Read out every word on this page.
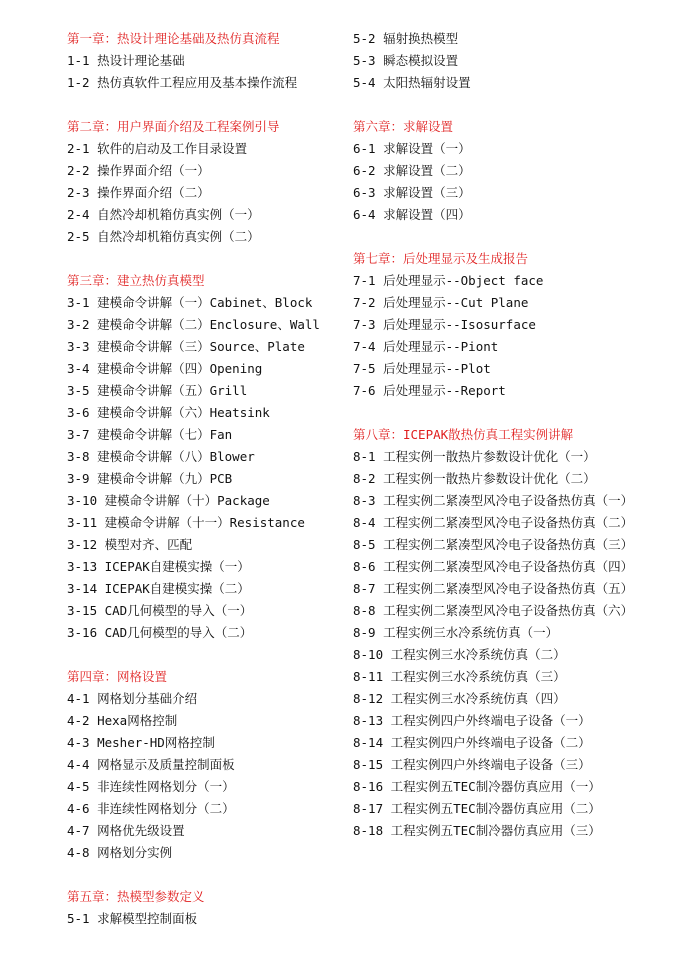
第一章：热设计理论基础及热仿真流程
1-1 热设计理论基础
1-2 热仿真软件工程应用及基本操作流程
第二章：用户界面介绍及工程案例引导
2-1 软件的启动及工作目录设置
2-2 操作界面介绍（一）
2-3 操作界面介绍（二）
2-4 自然冷却机箱仿真实例（一）
2-5 自然冷却机箱仿真实例（二）
第三章：建立热仿真模型
3-1 建模命令讲解（一）Cabinet、Block
3-2 建模命令讲解（二）Enclosure、Wall
3-3 建模命令讲解（三）Source、Plate
3-4 建模命令讲解（四）Opening
3-5 建模命令讲解（五）Grill
3-6 建模命令讲解（六）Heatsink
3-7 建模命令讲解（七）Fan
3-8 建模命令讲解（八）Blower
3-9 建模命令讲解（九）PCB
3-10 建模命令讲解（十）Package
3-11 建模命令讲解（十一）Resistance
3-12 模型对齐、匹配
3-13 ICEPAK自建模实操（一）
3-14 ICEPAK自建模实操（二）
3-15 CAD几何模型的导入（一）
3-16 CAD几何模型的导入（二）
第四章：网格设置
4-1 网格划分基础介绍
4-2 Hexa网格控制
4-3 Mesher-HD网格控制
4-4 网格显示及质量控制面板
4-5 非连续性网格划分（一）
4-6 非连续性网格划分（二）
4-7 网格优先级设置
4-8 网格划分实例
第五章：热模型参数定义
5-1 求解模型控制面板
5-2 辐射换热模型
5-3 瞬态模拟设置
5-4 太阳热辐射设置
第六章：求解设置
6-1 求解设置（一）
6-2 求解设置（二）
6-3 求解设置（三）
6-4 求解设置（四）
第七章：后处理显示及生成报告
7-1 后处理显示--Object face
7-2 后处理显示--Cut Plane
7-3 后处理显示--Isosurface
7-4 后处理显示--Piont
7-5 后处理显示--Plot
7-6 后处理显示--Report
第八章：ICEPAK散热仿真工程实例讲解
8-1 工程实例一散热片参数设计优化（一）
8-2 工程实例一散热片参数设计优化（二）
8-3 工程实例二紧凑型风冷电子设备热仿真（一）
8-4 工程实例二紧凑型风冷电子设备热仿真（二）
8-5 工程实例二紧凑型风冷电子设备热仿真（三）
8-6 工程实例二紧凑型风冷电子设备热仿真（四）
8-7 工程实例二紧凑型风冷电子设备热仿真（五）
8-8 工程实例二紧凑型风冷电子设备热仿真（六）
8-9 工程实例三水冷系统仿真（一）
8-10 工程实例三水冷系统仿真（二）
8-11 工程实例三水冷系统仿真（三）
8-12 工程实例三水冷系统仿真（四）
8-13 工程实例四户外终端电子设备（一）
8-14 工程实例四户外终端电子设备（二）
8-15 工程实例四户外终端电子设备（三）
8-16 工程实例五TEC制冷器仿真应用（一）
8-17 工程实例五TEC制冷器仿真应用（二）
8-18 工程实例五TEC制冷器仿真应用（三）
